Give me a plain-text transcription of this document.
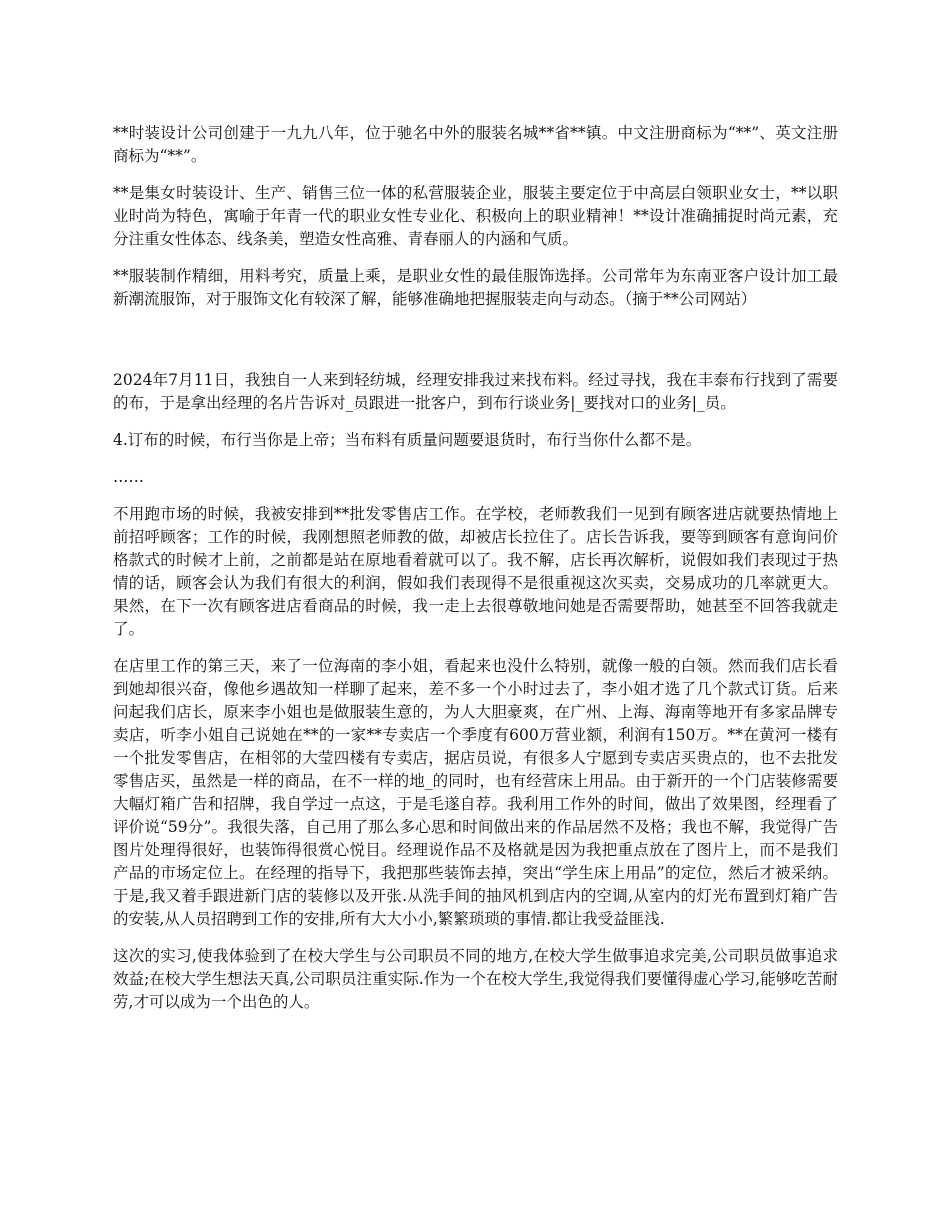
**时装设计公司创建于一九九八年，位于驰名中外的服装名城**省**镇。中文注册商标为“**”、英文注册商标为“**”。

**是集女时装设计、生产、销售三位一体的私营服装企业，服装主要定位于中高层白领职业女士，**以职业时尚为特色，寓喻于年青一代的职业女性专业化、积极向上的职业精神！**设计准确捕捉时尚元素，充分注重女性体态、线条美，塑造女性高雅、青春丽人的内涵和气质。

**服装制作精细，用料考究，质量上乘，是职业女性的最佳服饰选择。公司常年为东南亚客户设计加工最新潮流服饰，对于服饰文化有较深了解，能够准确地把握服装走向与动态。（摘于**公司网站）

2024年7月11日，我独自一人来到轻纺城，经理安排我过来找布料。经过寻找，我在丰泰布行找到了需要的布，于是拿出经理的名片告诉对_员跟进一批客户，到布行谈业务|_要找对口的业务|_员。

4.订布的时候，布行当你是上帝；当布料有质量问题要退货时，布行当你什么都不是。

……

不用跑市场的时候，我被安排到**批发零售店工作。在学校，老师教我们一见到有顾客进店就要热情地上前招呼顾客；工作的时候，我刚想照老师教的做，却被店长拉住了。店长告诉我，要等到顾客有意询问价格款式的时候才上前，之前都是站在原地看着就可以了。我不解，店长再次解析，说假如我们表现过于热情的话，顾客会认为我们有很大的利润，假如我们表现得不是很重视这次买卖，交易成功的几率就更大。果然，在下一次有顾客进店看商品的时候，我一走上去很尊敬地问她是否需要帮助，她甚至不回答我就走了。

在店里工作的第三天，来了一位海南的李小姐，看起来也没什么特别，就像一般的白领。然而我们店长看到她却很兴奋，像他乡遇故知一样聊了起来，差不多一个小时过去了，李小姐才选了几个款式订货。后来问起我们店长，原来李小姐也是做服装生意的，为人大胆豪爽，在广州、上海、海南等地开有多家品牌专卖店，听李小姐自己说她在**的一家**专卖店一个季度有600万营业额，利润有150万。**在黄河一楼有一个批发零售店，在相邻的大莹四楼有专卖店，据店员说，有很多人宁愿到专卖店买贵点的，也不去批发零售店买，虽然是一样的商品，在不一样的地_的同时，也有经营床上用品。由于新开的一个门店装修需要大幅灯箱广告和招牌，我自学过一点这，于是毛遂自荐。我利用工作外的时间，做出了效果图，经理看了评价说“59分”。我很失落，自己用了那么多心思和时间做出来的作品居然不及格；我也不解，我觉得广告图片处理得很好，也装饰得很赏心悦目。经理说作品不及格就是因为我把重点放在了图片上，而不是我们产品的市场定位上。在经理的指导下，我把那些装饰去掉，突出“学生床上用品”的定位，然后才被采纳。于是,我又着手跟进新门店的装修以及开张.从洗手间的抽风机到店内的空调,从室内的灯光布置到灯箱广告的安装,从人员招聘到工作的安排,所有大大小小,繁繁琐琐的事情.都让我受益匪浅.

这次的实习,使我体验到了在校大学生与公司职员不同的地方,在校大学生做事追求完美,公司职员做事追求效益;在校大学生想法天真,公司职员注重实际.作为一个在校大学生,我觉得我们要懂得虚心学习,能够吃苦耐劳,才可以成为一个出色的人。
